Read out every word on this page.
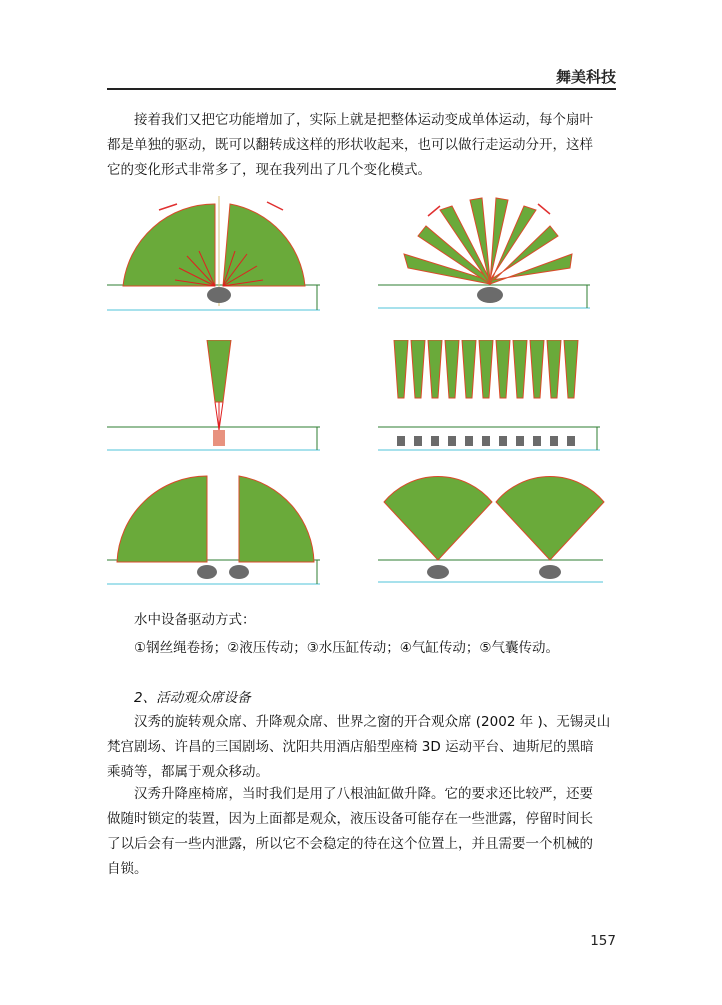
舞美科技
接着我们又把它功能增加了，实际上就是把整体运动变成单体运动，每个扇叶
都是单独的驱动，既可以翻转成这样的形状收起来，也可以做行走运动分开，这样
它的变化形式非常多了，现在我列出了几个变化模式。
水中设备驱动方式：
①钢丝绳卷扬；②液压传动；③水压缸传动；④气缸传动；⑤气囊传动。
2、活动观众席设备
汉秀的旋转观众席、升降观众席、世界之窗的开合观众席 (2002 年 )、无锡灵山
梵宫剧场、许昌的三国剧场、沈阳共用酒店船型座椅 3D 运动平台、迪斯尼的黑暗
乘骑等，都属于观众移动。
汉秀升降座椅席，当时我们是用了八根油缸做升降。它的要求还比较严，还要
做随时锁定的装置，因为上面都是观众，液压设备可能存在一些泄露，停留时间长
了以后会有一些内泄露，所以它不会稳定的待在这个位置上，并且需要一个机械的
自锁。
157
